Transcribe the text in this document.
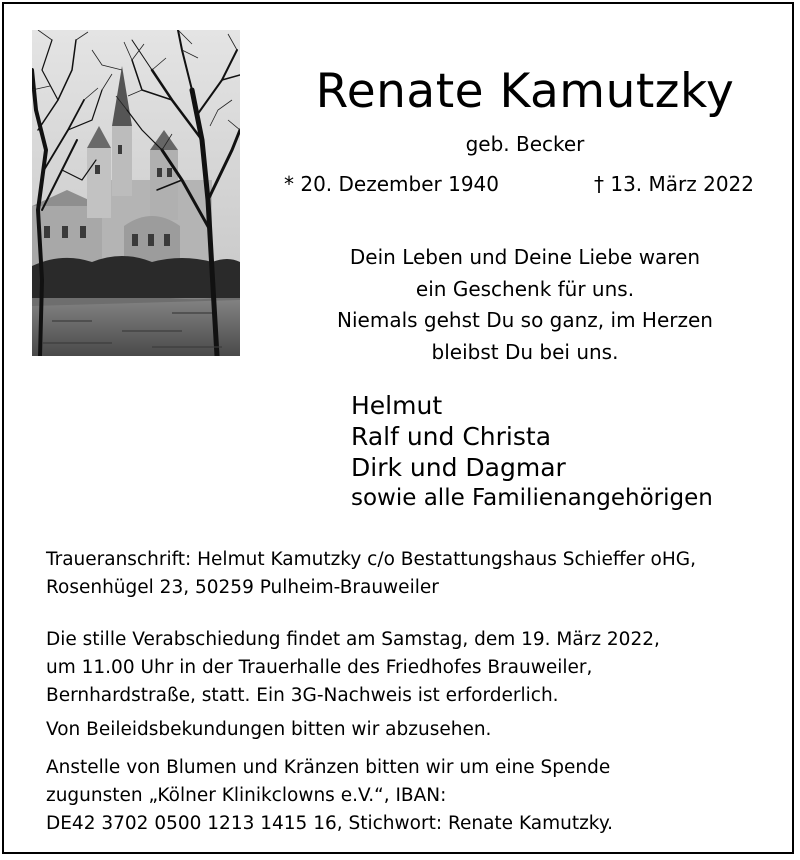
Renate Kamutzky
geb. Becker
* 20. Dezember 1940	† 13. März 2022
Dein Leben und Deine Liebe waren
ein Geschenk für uns.
Niemals gehst Du so ganz, im Herzen
bleibst Du bei uns.
Helmut
Ralf und Christa
Dirk und Dagmar
sowie alle Familienangehörigen
Traueranschrift: Helmut Kamutzky c/o Bestattungshaus Schieffer oHG,
Rosenhügel 23, 50259 Pulheim-Brauweiler
Die stille Verabschiedung findet am Samstag, dem 19. März 2022,
um 11.00 Uhr in der Trauerhalle des Friedhofes Brauweiler,
Bernhardstraße, statt. Ein 3G-Nachweis ist erforderlich.
Von Beileidsbekundungen bitten wir abzusehen.
Anstelle von Blumen und Kränzen bitten wir um eine Spende
zugunsten „Kölner Klinikclowns e.V.“, IBAN:
DE42 3702 0500 1213 1415 16, Stichwort: Renate Kamutzky.
